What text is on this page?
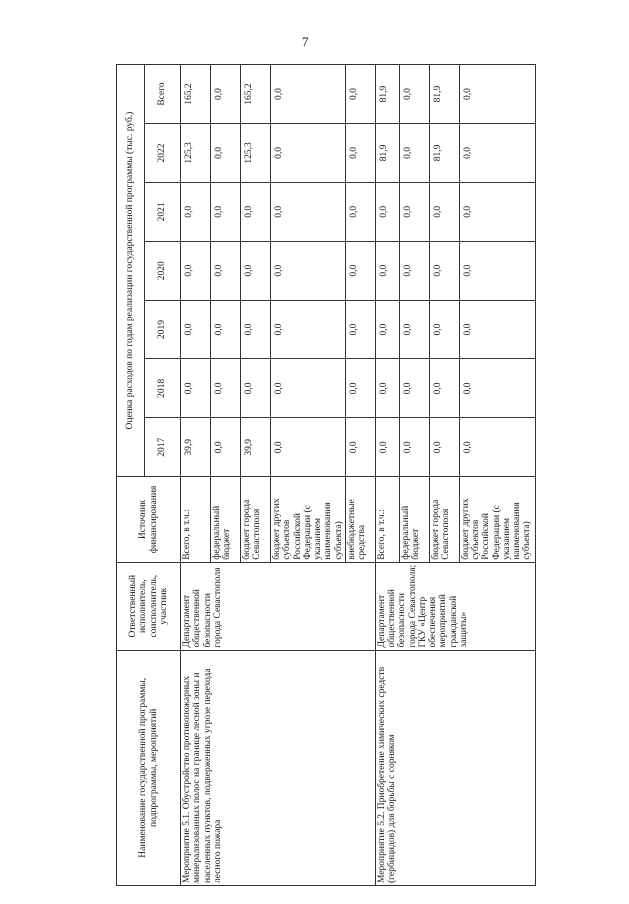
7
Наименование государственной программы, подпрограммы, мероприятий	Ответственный исполнитель, соисполнитель, участник	Источник финансирования	Оценка расходов по годам реализации государственной программы (тыс. руб.)						
			2017	2018	2019	2020	2021	2022	Всего
Мероприятие 5.1. Обустройство противопожарных минерализованных полос на границе лесной зоны и населенных пунктов, подверженных угрозе перехода лесного пожара	Департамент общественной безопасности города Севастополя	Всего, в т.ч.:	39,9	0,0	0,0	0,0	0,0	125,3	165,2
		федеральный бюджет	0,0	0,0	0,0	0,0	0,0	0,0	0,0
		бюджет города Севастополя	39,9	0,0	0,0	0,0	0,0	125,3	165,2
		бюджет других субъектов Российской Федерации (с указанием наименования субъекта)	0,0	0,0	0,0	0,0	0,0	0,0	0,0
		внебюджетные средства	0,0	0,0	0,0	0,0	0,0	0,0	0,0
Мероприятие 5.2. Приобретение химических средств (гербицидов) для борьбы с сорняком	Департамент общественной безопасности города Севастополя; ГКУ «Центр обеспечения мероприятий гражданской защиты»	Всего, в т.ч.:	0,0	0,0	0,0	0,0	0,0	81,9	81,9
		федеральный бюджет	0,0	0,0	0,0	0,0	0,0	0,0	0,0
		бюджет города Севастополя	0,0	0,0	0,0	0,0	0,0	81,9	81,9
		бюджет других субъектов Российской Федерации (с указанием наименования субъекта)	0,0	0,0	0,0	0,0	0,0	0,0	0,0
